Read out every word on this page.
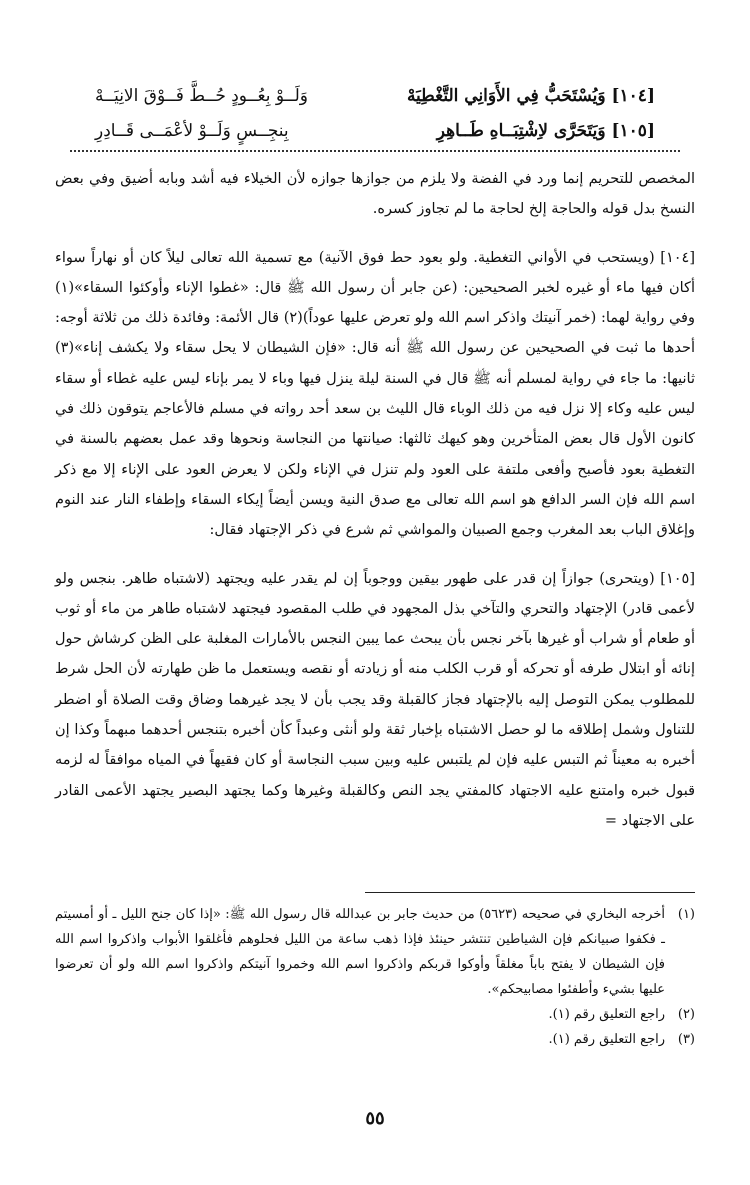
[١٠٤] وَيُسْتَحَبُّ فِي الأَوَانِي التَّغْطِيَهْ
وَلَــوْ بِعُــودٍ حُــطَّ فَــوْقَ الانِيَــهْ
[١٠٥] وَيَتَحَرَّى لاِشْتِبَــاهِ طَــاهِرِ
بِنجِــسٍ وَلَــوْ لأعْمَــى قَــادِرِ

المخصص للتحريم إنما ورد في الفضة ولا يلزم من جوازها جوازه لأن الخيلاء فيه أشد وبابه أضيق وفي بعض النسخ بدل قوله والحاجة إلخ لحاجة ما لم تجاوز كسره.

[١٠٤] (ويستحب في الأواني التغطية. ولو بعود حط فوق الآنية) مع تسمية الله تعالى ليلاً كان أو نهاراً سواء أكان فيها ماء أو غيره لخبر الصحيحين: (عن جابر أن رسول الله ﷺ قال: «غطوا الإناء وأوكئوا السقاء»(١) وفي رواية لهما: (خمر آنيتك واذكر اسم الله ولو تعرض عليها عوداً)(٢) قال الأئمة: وفائدة ذلك من ثلاثة أوجه: أحدها ما ثبت في الصحيحين عن رسول الله ﷺ أنه قال: «فإن الشيطان لا يحل سقاء ولا يكشف إناء»(٣) ثانيها: ما جاء في رواية لمسلم أنه ﷺ قال في السنة ليلة ينزل فيها وباء لا يمر بإناء ليس عليه غطاء أو سقاء ليس عليه وكاء إلا نزل فيه من ذلك الوباء قال الليث بن سعد أحد رواته في مسلم فالأعاجم يتوقون ذلك في كانون الأول قال بعض المتأخرين وهو كيهك ثالثها: صيانتها من النجاسة ونحوها وقد عمل بعضهم بالسنة في التغطية بعود فأصبح وأفعى ملتفة على العود ولم تنزل في الإناء ولكن لا يعرض العود على الإناء إلا مع ذكر اسم الله فإن السر الدافع هو اسم الله تعالى مع صدق النية ويسن أيضاً إيكاء السقاء وإطفاء النار عند النوم وإغلاق الباب بعد المغرب وجمع الصبيان والمواشي ثم شرع في ذكر الإجتهاد فقال:

[١٠٥] (ويتحرى) جوازاً إن قدر على طهور بيقين ووجوباً إن لم يقدر عليه ويجتهد (لاشتباه طاهر. بنجس ولو لأعمى قادر) الإجتهاد والتحري والتآخي بذل المجهود في طلب المقصود فيجتهد لاشتباه طاهر من ماء أو ثوب أو طعام أو شراب أو غيرها بآخر نجس بأن يبحث عما يبين النجس بالأمارات المغلبة على الظن كرشاش حول إنائه أو ابتلال طرفه أو تحركه أو قرب الكلب منه أو زيادته أو نقصه ويستعمل ما ظن طهارته لأن الحل شرط للمطلوب يمكن التوصل إليه بالإجتهاد فجاز كالقبلة وقد يجب بأن لا يجد غيرهما وضاق وقت الصلاة أو اضطر للتناول وشمل إطلاقه ما لو حصل الاشتباه بإخبار ثقة ولو أنثى وعبداً كأن أخبره بتنجس أحدهما مبهماً وكذا إن أخبره به معيناً ثم التبس عليه فإن لم يلتبس عليه وبين سبب النجاسة أو كان فقيهاً في المياه موافقاً له لزمه قبول خبره وامتنع عليه الاجتهاد كالمفتي يجد النص وكالقبلة وغيرها وكما يجتهد البصير يجتهد الأعمى القادر على الاجتهاد =

(١)
أخرجه البخاري في صحيحه (٥٦٢٣) من حديث جابر بن عبدالله قال رسول الله ﷺ: «إذا كان جنح الليل ـ أو أمسيتم ـ فكفوا صبيانكم فإن الشياطين تنتشر حينئذ فإذا ذهب ساعة من الليل فحلوهم فأغلقوا الأبواب واذكروا اسم الله فإن الشيطان لا يفتح باباً مغلقاً وأوكوا قربكم واذكروا اسم الله وخمروا آنيتكم واذكروا اسم الله ولو أن تعرضوا عليها بشيء وأطفئوا مصابيحكم».
(٢)
راجع التعليق رقم (١).
(٣)
راجع التعليق رقم (١).
٥٥
